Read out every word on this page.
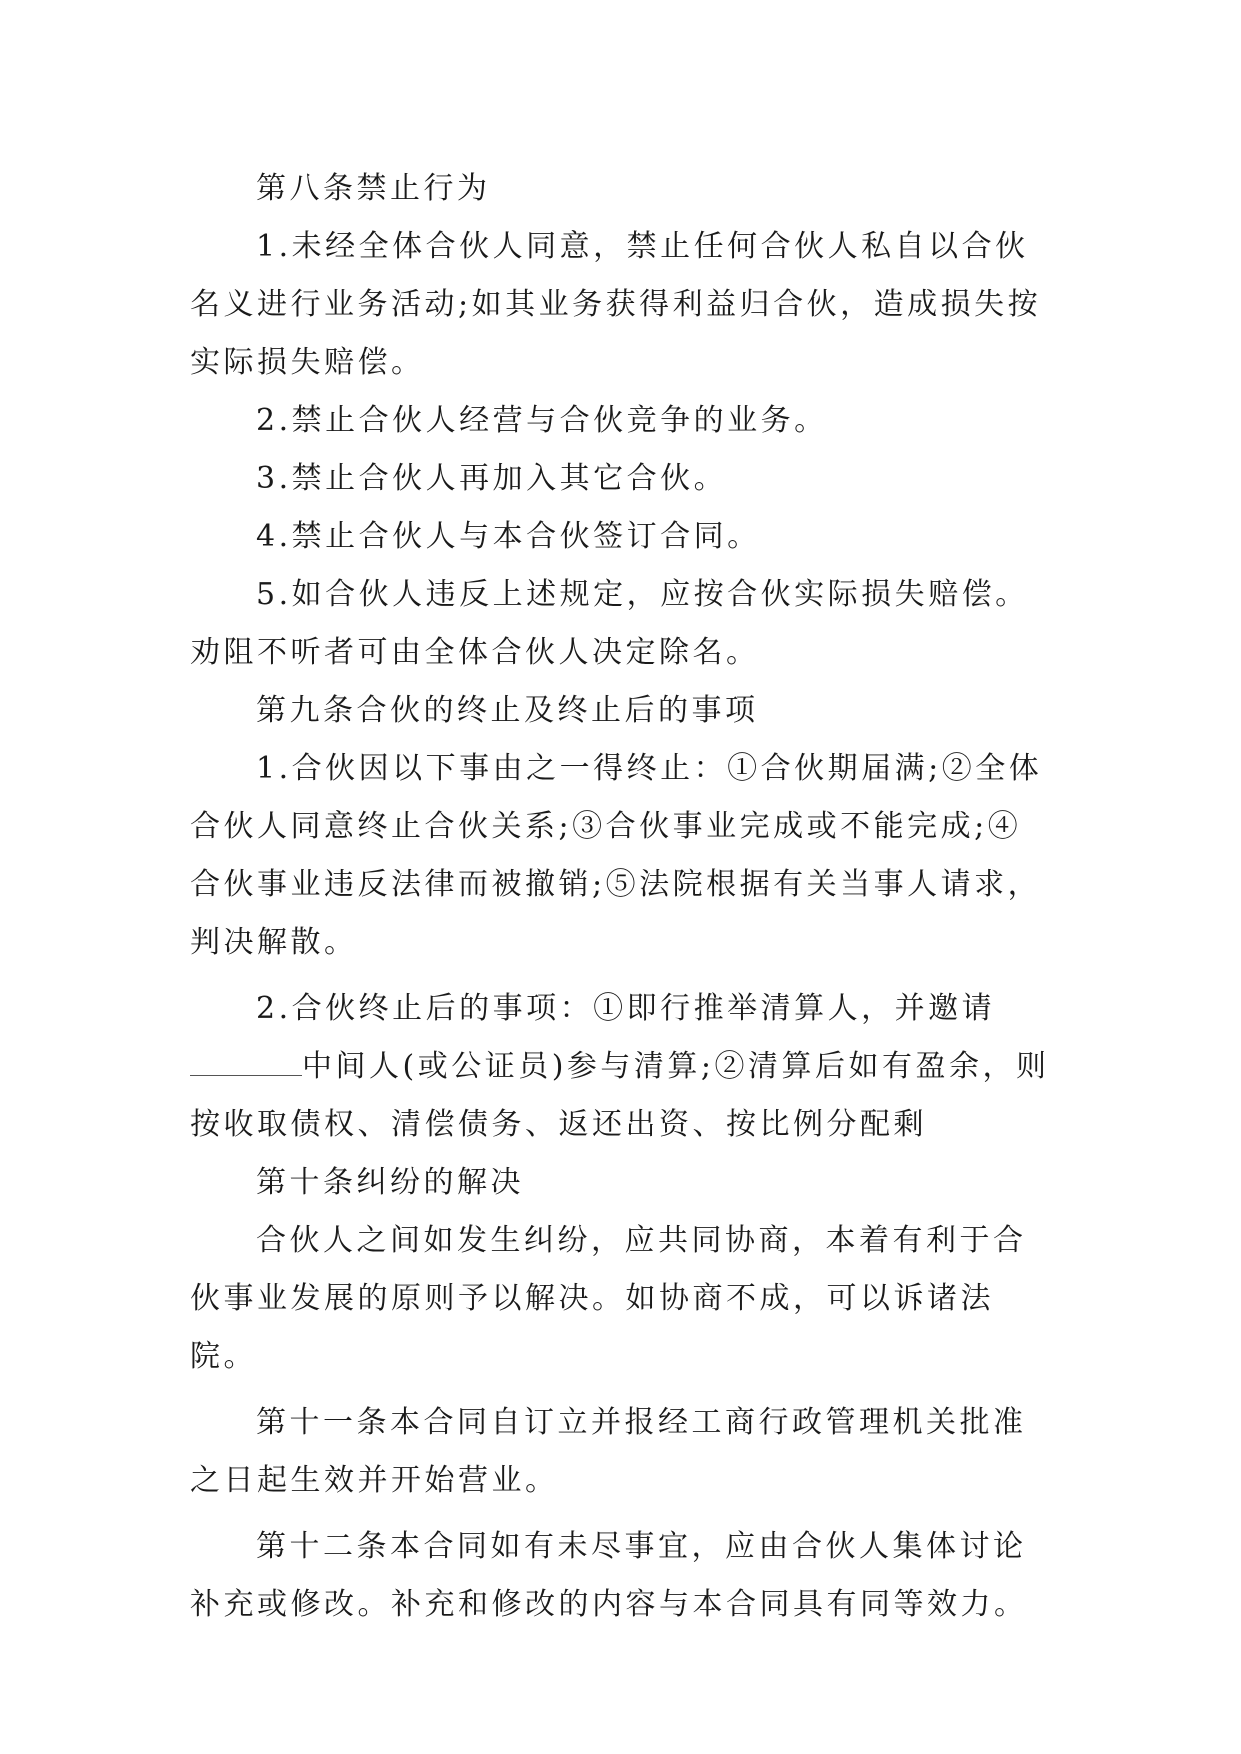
第八条禁止行为

1.未经全体合伙人同意，禁止任何合伙人私自以合伙名义进行业务活动;如其业务获得利益归合伙，造成损失按实际损失赔偿。

2.禁止合伙人经营与合伙竞争的业务。

3.禁止合伙人再加入其它合伙。

4.禁止合伙人与本合伙签订合同。

5.如合伙人违反上述规定，应按合伙实际损失赔偿。劝阻不听者可由全体合伙人决定除名。

第九条合伙的终止及终止后的事项

1.合伙因以下事由之一得终止：①合伙期届满;②全体合伙人同意终止合伙关系;③合伙事业完成或不能完成;④合伙事业违反法律而被撤销;⑤法院根据有关当事人请求，判决解散。

2.合伙终止后的事项：①即行推举清算人，并邀请中间人(或公证员)参与清算;②清算后如有盈余，则按收取债权、清偿债务、返还出资、按比例分配剩

第十条纠纷的解决

合伙人之间如发生纠纷，应共同协商，本着有利于合伙事业发展的原则予以解决。如协商不成，可以诉诸法院。

第十一条本合同自订立并报经工商行政管理机关批准之日起生效并开始营业。

第十二条本合同如有未尽事宜，应由合伙人集体讨论补充或修改。补充和修改的内容与本合同具有同等效力。
